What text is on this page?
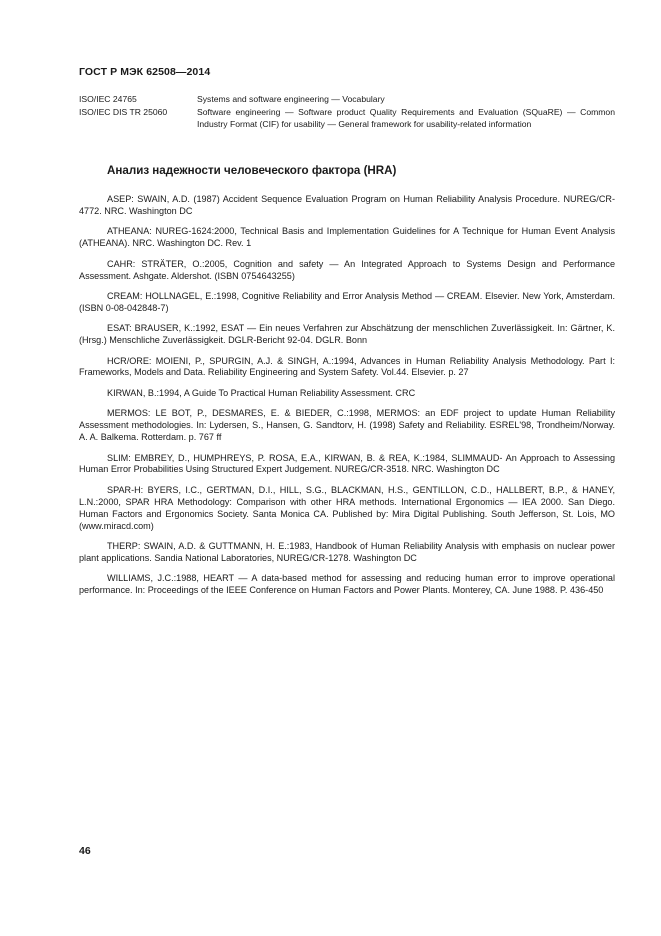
ГОСТ Р МЭК 62508—2014
ISO/IEC 24765	Systems and software engineering — Vocabulary
ISO/IEC DIS TR 25060	Software engineering — Software product Quality Requirements and Evaluation (SQuaRE) — Common Industry Format (CIF) for usability — General framework for usability-related information
Анализ надежности человеческого фактора (HRA)

ASEP: SWAIN, A.D. (1987) Accident Sequence Evaluation Program on Human Reliability Analysis Procedure. NUREG/CR-4772. NRC. Washington DC

ATHEANA: NUREG-1624:2000, Technical Basis and Implementation Guidelines for A Technique for Human Event Analysis (ATHEANA). NRC. Washington DC. Rev. 1

CAHR: STRÄTER, O.:2005, Cognition and safety — An Integrated Approach to Systems Design and Performance Assessment. Ashgate. Aldershot. (ISBN 0754643255)

CREAM: HOLLNAGEL, E.:1998, Cognitive Reliability and Error Analysis Method — CREAM. Elsevier. New York, Amsterdam. (ISBN 0-08-042848-7)

ESAT: BRAUSER, K.:1992, ESAT — Ein neues Verfahren zur Abschätzung der menschlichen Zuverlässigkeit. In: Gärtner, K. (Hrsg.) Menschliche Zuverlässigkeit. DGLR-Bericht 92-04. DGLR. Bonn

HCR/ORE: MOIENI, P., SPURGIN, A.J. & SINGH, A.:1994, Advances in Human Reliability Analysis Methodology. Part I: Frameworks, Models and Data. Reliability Engineering and System Safety. Vol.44. Elsevier. p. 27

KIRWAN, B.:1994, A Guide To Practical Human Reliability Assessment. CRC

MERMOS: LE BOT, P., DESMARES, E. & BIEDER, C.:1998, MERMOS: an EDF project to update Human Reliability Assessment methodologies. In: Lydersen, S., Hansen, G. Sandtorv, H. (1998) Safety and Reliability. ESREL'98, Trondheim/Norway. A. A. Balkema. Rotterdam. p. 767 ff

SLIM: EMBREY, D., HUMPHREYS, P. ROSA, E.A., KIRWAN, B. & REA, K.:1984, SLIMMAUD- An Approach to Assessing Human Error Probabilities Using Structured Expert Judgement. NUREG/CR-3518. NRC. Washington DC

SPAR-H: BYERS, I.C., GERTMAN, D.I., HILL, S.G., BLACKMAN, H.S., GENTILLON, C.D., HALLBERT, B.P., & HANEY, L.N.:2000, SPAR HRA Methodology: Comparison with other HRA methods. International Ergonomics — IEA 2000. San Diego. Human Factors and Ergonomics Society. Santa Monica CA. Published by: Mira Digital Publishing. South Jefferson, St. Lois, MO (www.miracd.com)

THERP: SWAIN, A.D. & GUTTMANN, H. E.:1983, Handbook of Human Reliability Analysis with emphasis on nuclear power plant applications. Sandia National Laboratories, NUREG/CR-1278. Washington DC

WILLIAMS, J.C.:1988, HEART — A data-based method for assessing and reducing human error to improve operational performance. In: Proceedings of the IEEE Conference on Human Factors and Power Plants. Monterey, CA. June 1988. P. 436-450

46
